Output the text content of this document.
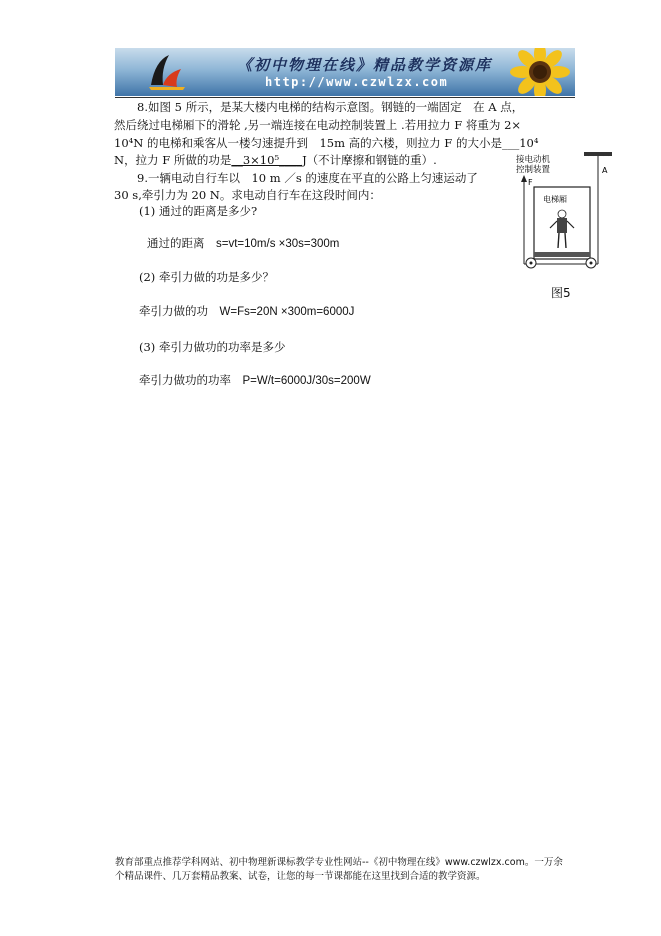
《初中物理在线》精品教学资源库
http://www.czwlzx.com
8.如图 5 所示，是某大楼内电梯的结构示意图。钢链的一端固定　在 A 点，
然后绕过电梯厢下的滑轮 ,另一端连接在电动控制装置上 .若用拉力 F 将重为 2×
10⁴N 的电梯和乘客从一楼匀速提升到　15m 高的六楼，则拉力 F 的大小是___10⁴
N，拉力 F 所做的功是__3×10⁵____J（不计摩擦和钢链的重）.
9.一辆电动自行车以　10 m ／s 的速度在平直的公路上匀速运动了
30 s,牵引力为 20 N。求电动自行车在这段时间内：
(1) 通过的距离是多少?
通过的距离　s=vt=10m/s ×30s=300m
(2) 牵引力做的功是多少？
牵引力做的功　W=Fs=20N ×300m=6000J
(3) 牵引力做功的功率是多少
牵引力做功的功率　P=W/t=6000J/30s=200W
接电动机
控制装置	A
F
电梯厢
图5
教育部重点推荐学科网站、初中物理新课标教学专业性网站--《初中物理在线》www.czwlzx.com。一万余
个精品课件、几万套精品教案、试卷，让您的每一节课都能在这里找到合适的教学资源。
